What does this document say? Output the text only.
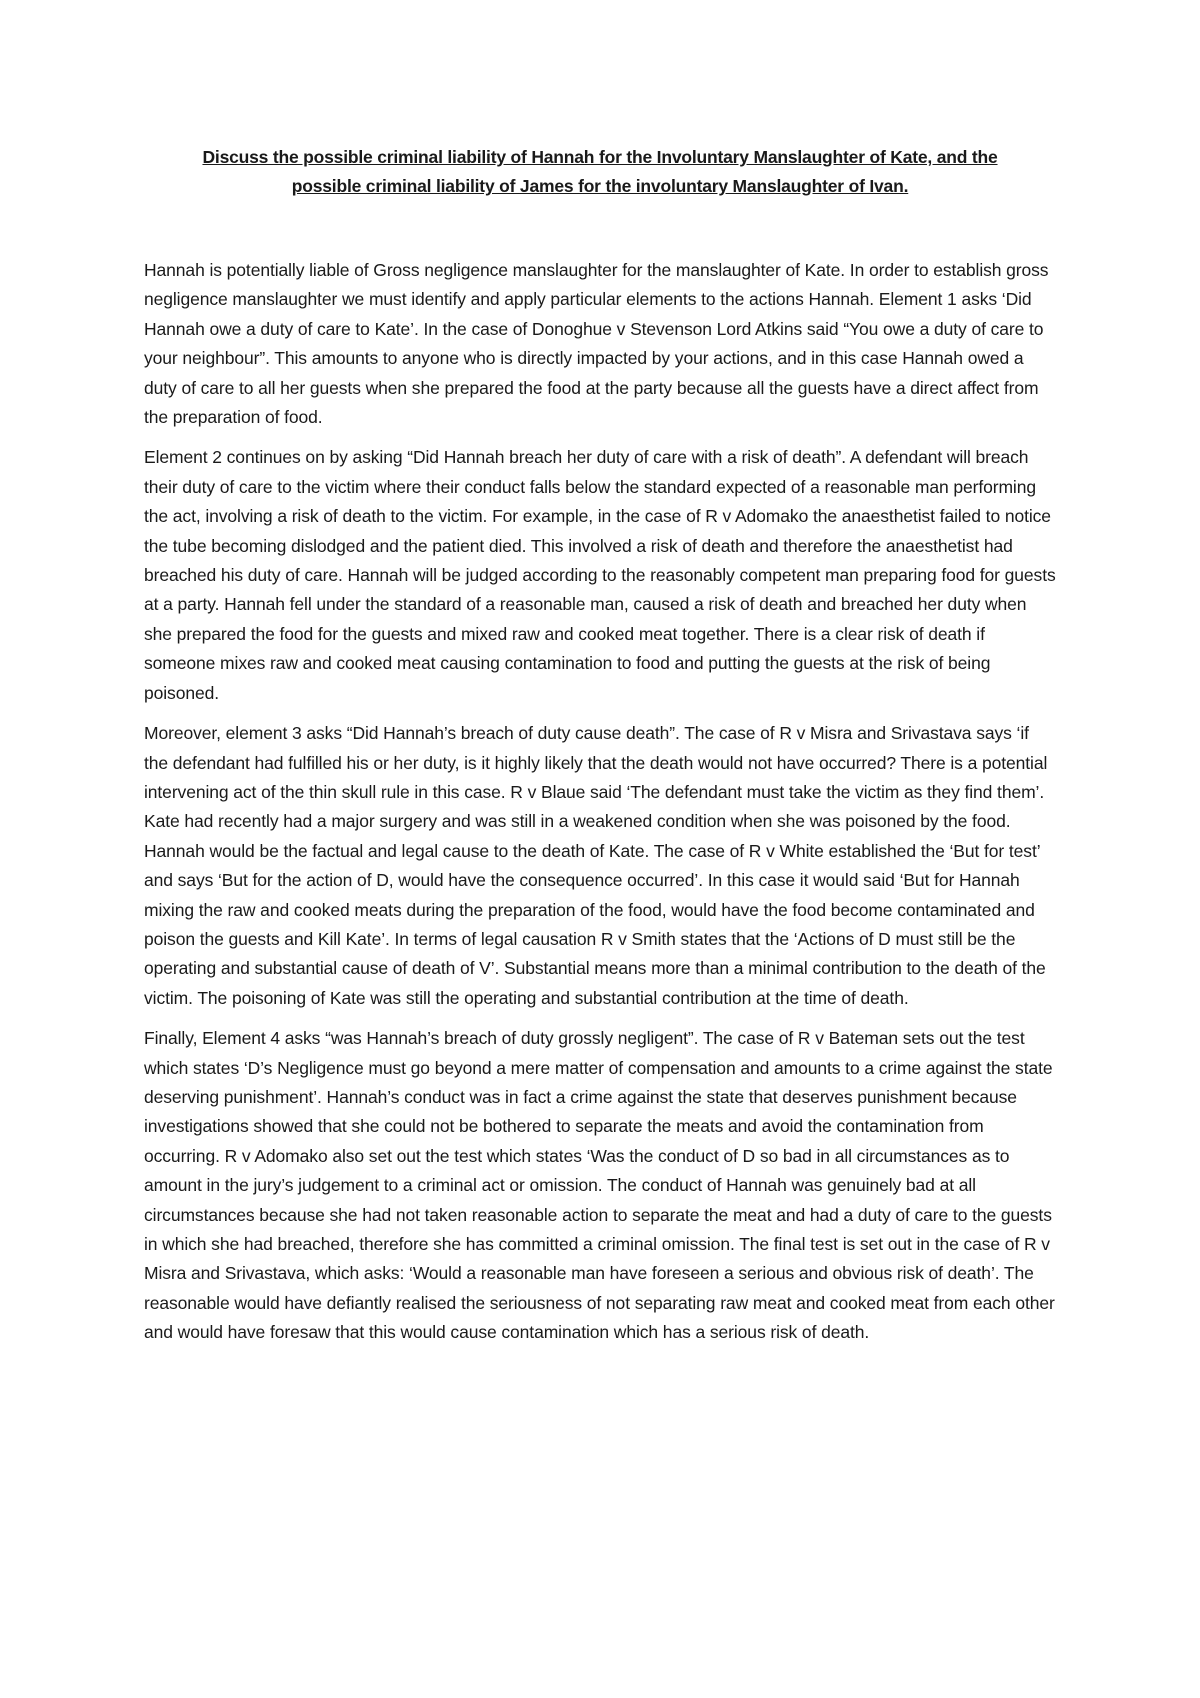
Discuss the possible criminal liability of Hannah for the Involuntary Manslaughter of Kate, and the
possible criminal liability of James for the involuntary Manslaughter of Ivan.

Hannah is potentially liable of Gross negligence manslaughter for the manslaughter of Kate. In order to establish gross negligence manslaughter we must identify and apply particular elements to the actions Hannah. Element 1 asks ‘Did Hannah owe a duty of care to Kate’. In the case of Donoghue v Stevenson Lord Atkins said “You owe a duty of care to your neighbour”. This amounts to anyone who is directly impacted by your actions, and in this case Hannah owed a duty of care to all her guests when she prepared the food at the party because all the guests have a direct affect from the preparation of food.

Element 2 continues on by asking “Did Hannah breach her duty of care with a risk of death”. A defendant will breach their duty of care to the victim where their conduct falls below the standard expected of a reasonable man performing the act, involving a risk of death to the victim. For example, in the case of R v Adomako the anaesthetist failed to notice the tube becoming dislodged and the patient died. This involved a risk of death and therefore the anaesthetist had breached his duty of care. Hannah will be judged according to the reasonably competent man preparing food for guests at a party. Hannah fell under the standard of a reasonable man, caused a risk of death and breached her duty when she prepared the food for the guests and mixed raw and cooked meat together. There is a clear risk of death if someone mixes raw and cooked meat causing contamination to food and putting the guests at the risk of being poisoned.

Moreover, element 3 asks “Did Hannah’s breach of duty cause death”. The case of R v Misra and Srivastava says ‘if the defendant had fulfilled his or her duty, is it highly likely that the death would not have occurred? There is a potential intervening act of the thin skull rule in this case. R v Blaue said ‘The defendant must take the victim as they find them’. Kate had recently had a major surgery and was still in a weakened condition when she was poisoned by the food. Hannah would be the factual and legal cause to the death of Kate. The case of R v White established the ‘But for test’ and says ‘But for the action of D, would have the consequence occurred’. In this case it would said ‘But for Hannah mixing the raw and cooked meats during the preparation of the food, would have the food become contaminated and poison the guests and Kill Kate’. In terms of legal causation R v Smith states that the ‘Actions of D must still be the operating and substantial cause of death of V’. Substantial means more than a minimal contribution to the death of the victim. The poisoning of Kate was still the operating and substantial contribution at the time of death.

Finally, Element 4 asks “was Hannah’s breach of duty grossly negligent”. The case of R v Bateman sets out the test which states ‘D’s Negligence must go beyond a mere matter of compensation and amounts to a crime against the state deserving punishment’. Hannah’s conduct was in fact a crime against the state that deserves punishment because investigations showed that she could not be bothered to separate the meats and avoid the contamination from occurring. R v Adomako also set out the test which states ‘Was the conduct of D so bad in all circumstances as to amount in the jury’s judgement to a criminal act or omission. The conduct of Hannah was genuinely bad at all circumstances because she had not taken reasonable action to separate the meat and had a duty of care to the guests in which she had breached, therefore she has committed a criminal omission. The final test is set out in the case of R v Misra and Srivastava, which asks: ‘Would a reasonable man have foreseen a serious and obvious risk of death’. The reasonable would have defiantly realised the seriousness of not separating raw meat and cooked meat from each other and would have foresaw that this would cause contamination which has a serious risk of death.
